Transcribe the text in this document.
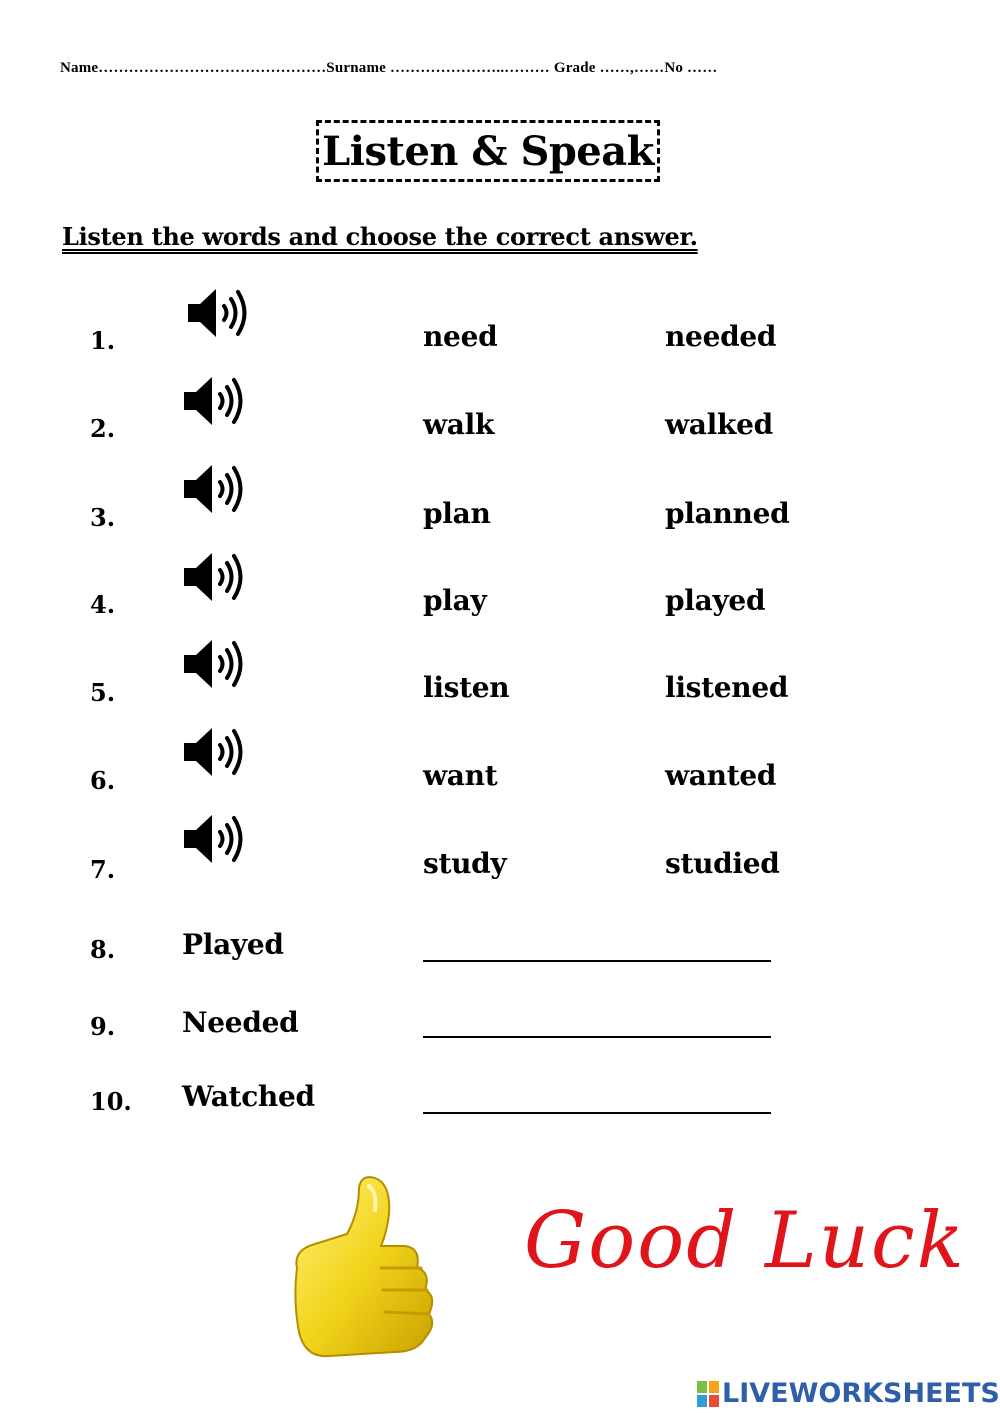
Name………………………………………Surname …………………..……… Grade ……,……No ……
Listen & Speak
Listen the words and choose the correct answer.
1.	need	needed
2.	walk	walked
3.	plan	planned
4.	play	played
5.	listen	listened
6.	want	wanted
7.	study	studied
8. Played
9. Needed
10. Watched
Good Luck
LIVEWORKSHEETS
